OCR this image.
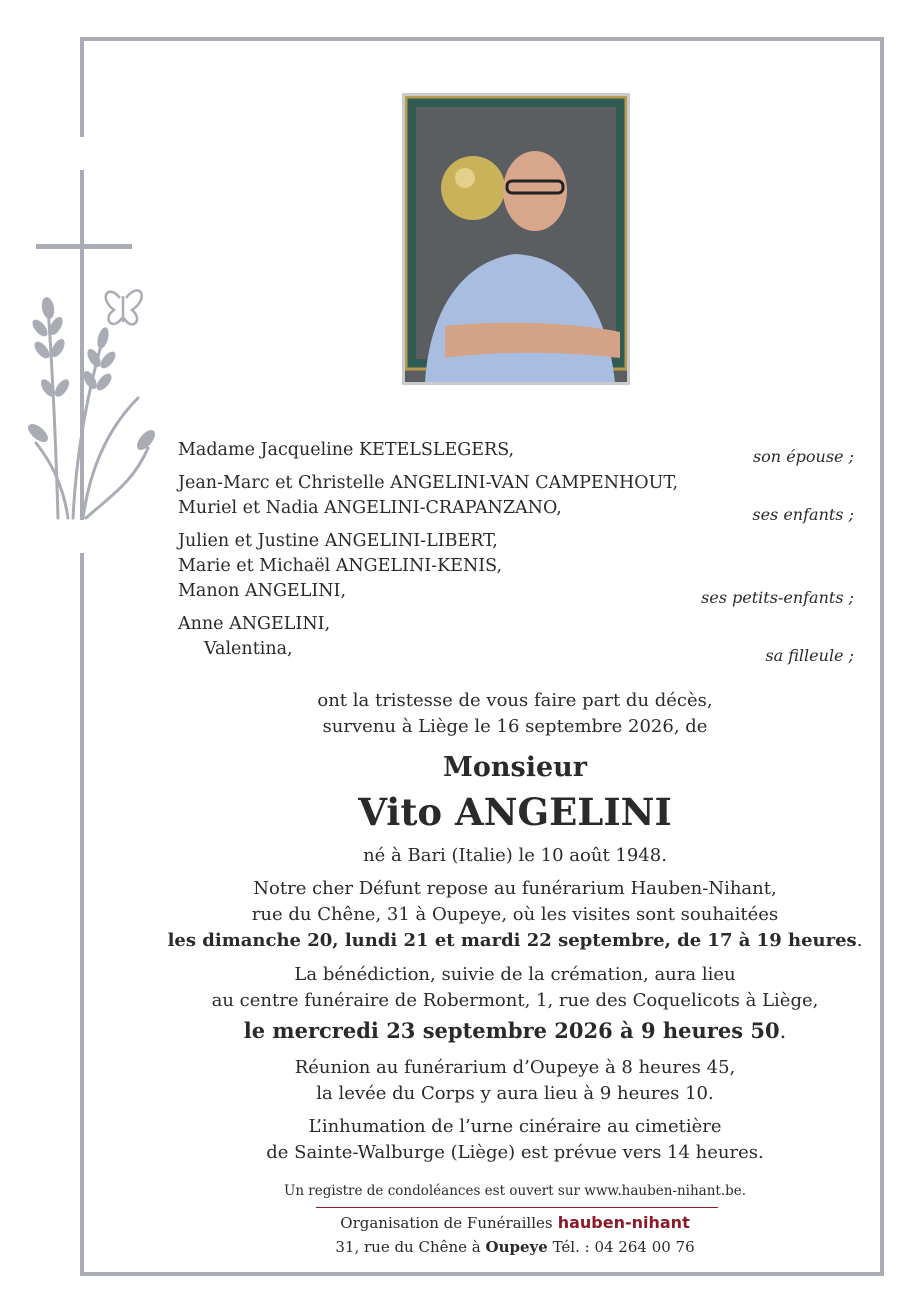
Madame Jacqueline KETELSLEGERS,	son épouse ;
Jean-Marc et Christelle ANGELINI-VAN CAMPENHOUT,
Muriel et Nadia ANGELINI-CRAPANZANO,	ses enfants ;
Julien et Justine ANGELINI-LIBERT,
Marie et Michaël ANGELINI-KENIS,
Manon ANGELINI,	ses petits-enfants ;
Anne ANGELINI,
Valentina,	sa filleule ;

ont la tristesse de vous faire part du décès,

survenu à Liège le 16 septembre 2026, de

Monsieur
Vito ANGELINI

né à Bari (Italie) le 10 août 1948.

Notre cher Défunt repose au funérarium Hauben-Nihant,

rue du Chêne, 31 à Oupeye, où les visites sont souhaitées

les dimanche 20, lundi 21 et mardi 22 septembre, de 17 à 19 heures.

La bénédiction, suivie de la crémation, aura lieu

au centre funéraire de Robermont, 1, rue des Coquelicots à Liège,

le mercredi 23 septembre 2026 à 9 heures 50.

Réunion au funérarium d’Oupeye à 8 heures 45,

la levée du Corps y aura lieu à 9 heures 10.

L’inhumation de l’urne cinéraire au cimetière

de Sainte-Walburge (Liège) est prévue vers 14 heures.

Un registre de condoléances est ouvert sur www.hauben-nihant.be.
Organisation de Funérailles hauben-nihant
31, rue du Chêne à Oupeye Tél. : 04 264 00 76
